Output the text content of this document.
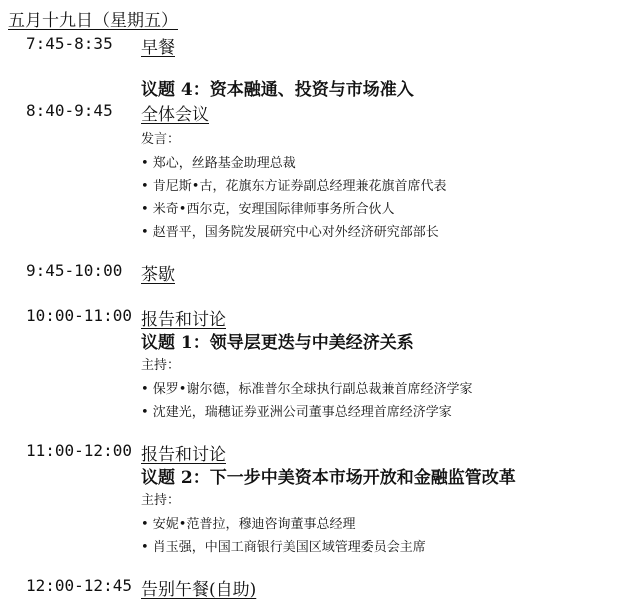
五月十九日（星期五）
7:45-8:35 早餐
议题 4：资本融通、投资与市场准入
8:40-9:45 全体会议
发言：
• 郑心，丝路基金助理总裁
• 肯尼斯•古，花旗东方证券副总经理兼花旗首席代表
• 米奇•西尔克，安理国际律师事务所合伙人
• 赵晋平，国务院发展研究中心对外经济研究部部长
9:45-10:00 茶歇
10:00-11:00 报告和讨论
议题 1：领导层更迭与中美经济关系
主持：
• 保罗•谢尔德，标准普尔全球执行副总裁兼首席经济学家
• 沈建光，瑞穗证券亚洲公司董事总经理首席经济学家
11:00-12:00 报告和讨论
议题 2：下一步中美资本市场开放和金融监管改革
主持：
• 安妮•范普拉，穆迪咨询董事总经理
• 肖玉强，中国工商银行美国区域管理委员会主席
12:00-12:45 告别午餐(自助)
